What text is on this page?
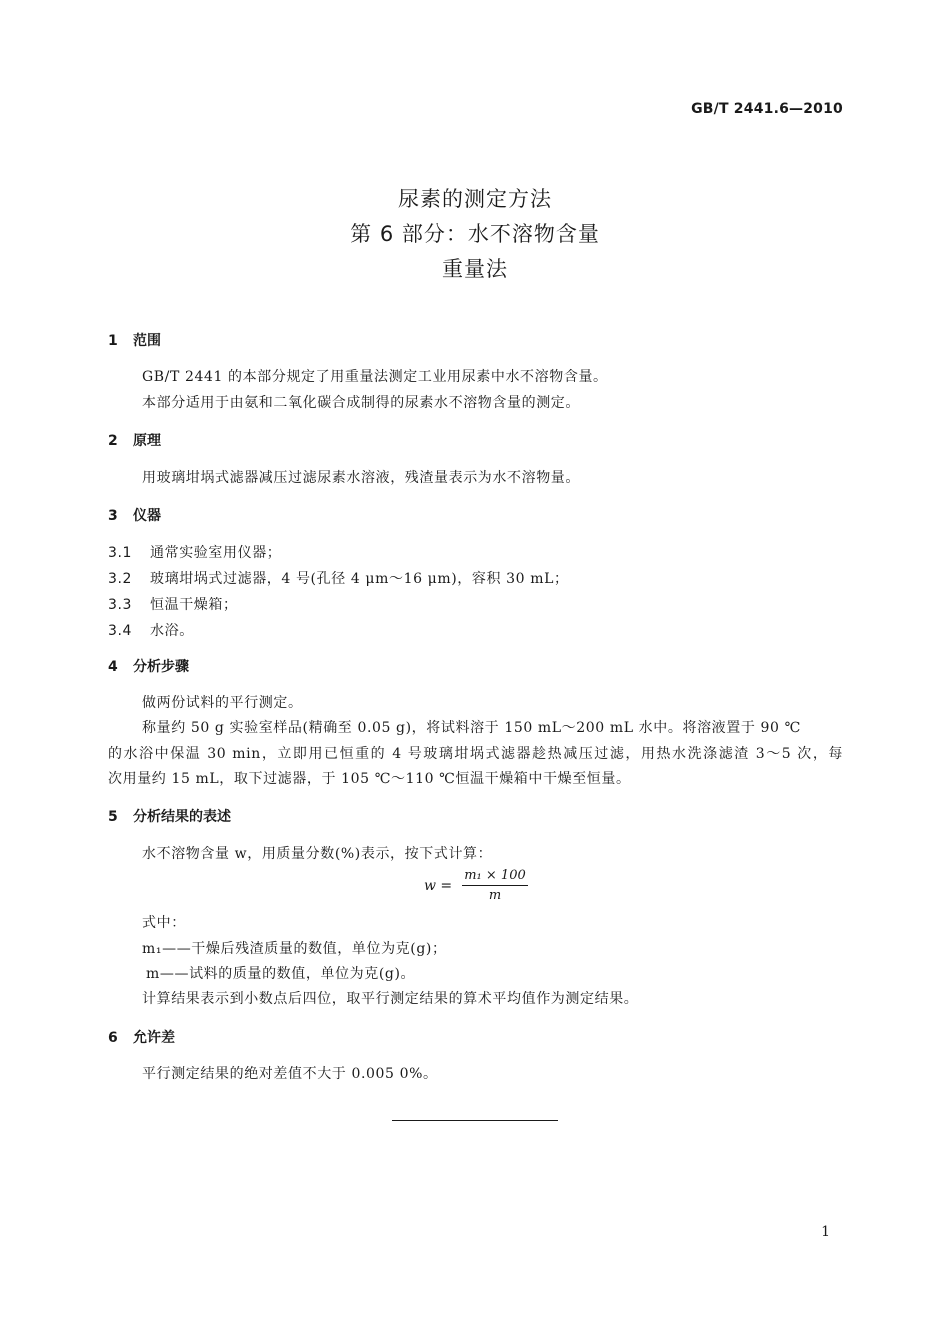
GB/T 2441.6—2010
尿素的测定方法
第 6 部分：水不溶物含量
重量法
1 范围
GB/T 2441 的本部分规定了用重量法测定工业用尿素中水不溶物含量。
本部分适用于由氨和二氧化碳合成制得的尿素水不溶物含量的测定。
2 原理
用玻璃坩埚式滤器减压过滤尿素水溶液，残渣量表示为水不溶物量。
3 仪器
3.1 通常实验室用仪器；
3.2 玻璃坩埚式过滤器，4 号(孔径 4 μm～16 μm)，容积 30 mL；
3.3 恒温干燥箱；
3.4 水浴。
4 分析步骤
做两份试料的平行测定。
称量约 50 g 实验室样品(精确至 0.05 g)，将试料溶于 150 mL～200 mL 水中。将溶液置于 90 ℃
的水浴中保温 30 min，立即用已恒重的 4 号玻璃坩埚式滤器趁热减压过滤，用热水洗涤滤渣 3～5 次，每
次用量约 15 mL，取下过滤器，于 105 ℃～110 ℃恒温干燥箱中干燥至恒量。
5 分析结果的表述
水不溶物含量 w，用质量分数(%)表示，按下式计算：
$w = \frac{\text{m₁ × 100}}{m}$
式中：
m₁——干燥后残渣质量的数值，单位为克(g)；
m——试料的质量的数值，单位为克(g)。
计算结果表示到小数点后四位，取平行测定结果的算术平均值作为测定结果。
6 允许差
平行测定结果的绝对差值不大于 0.005 0%。
1
